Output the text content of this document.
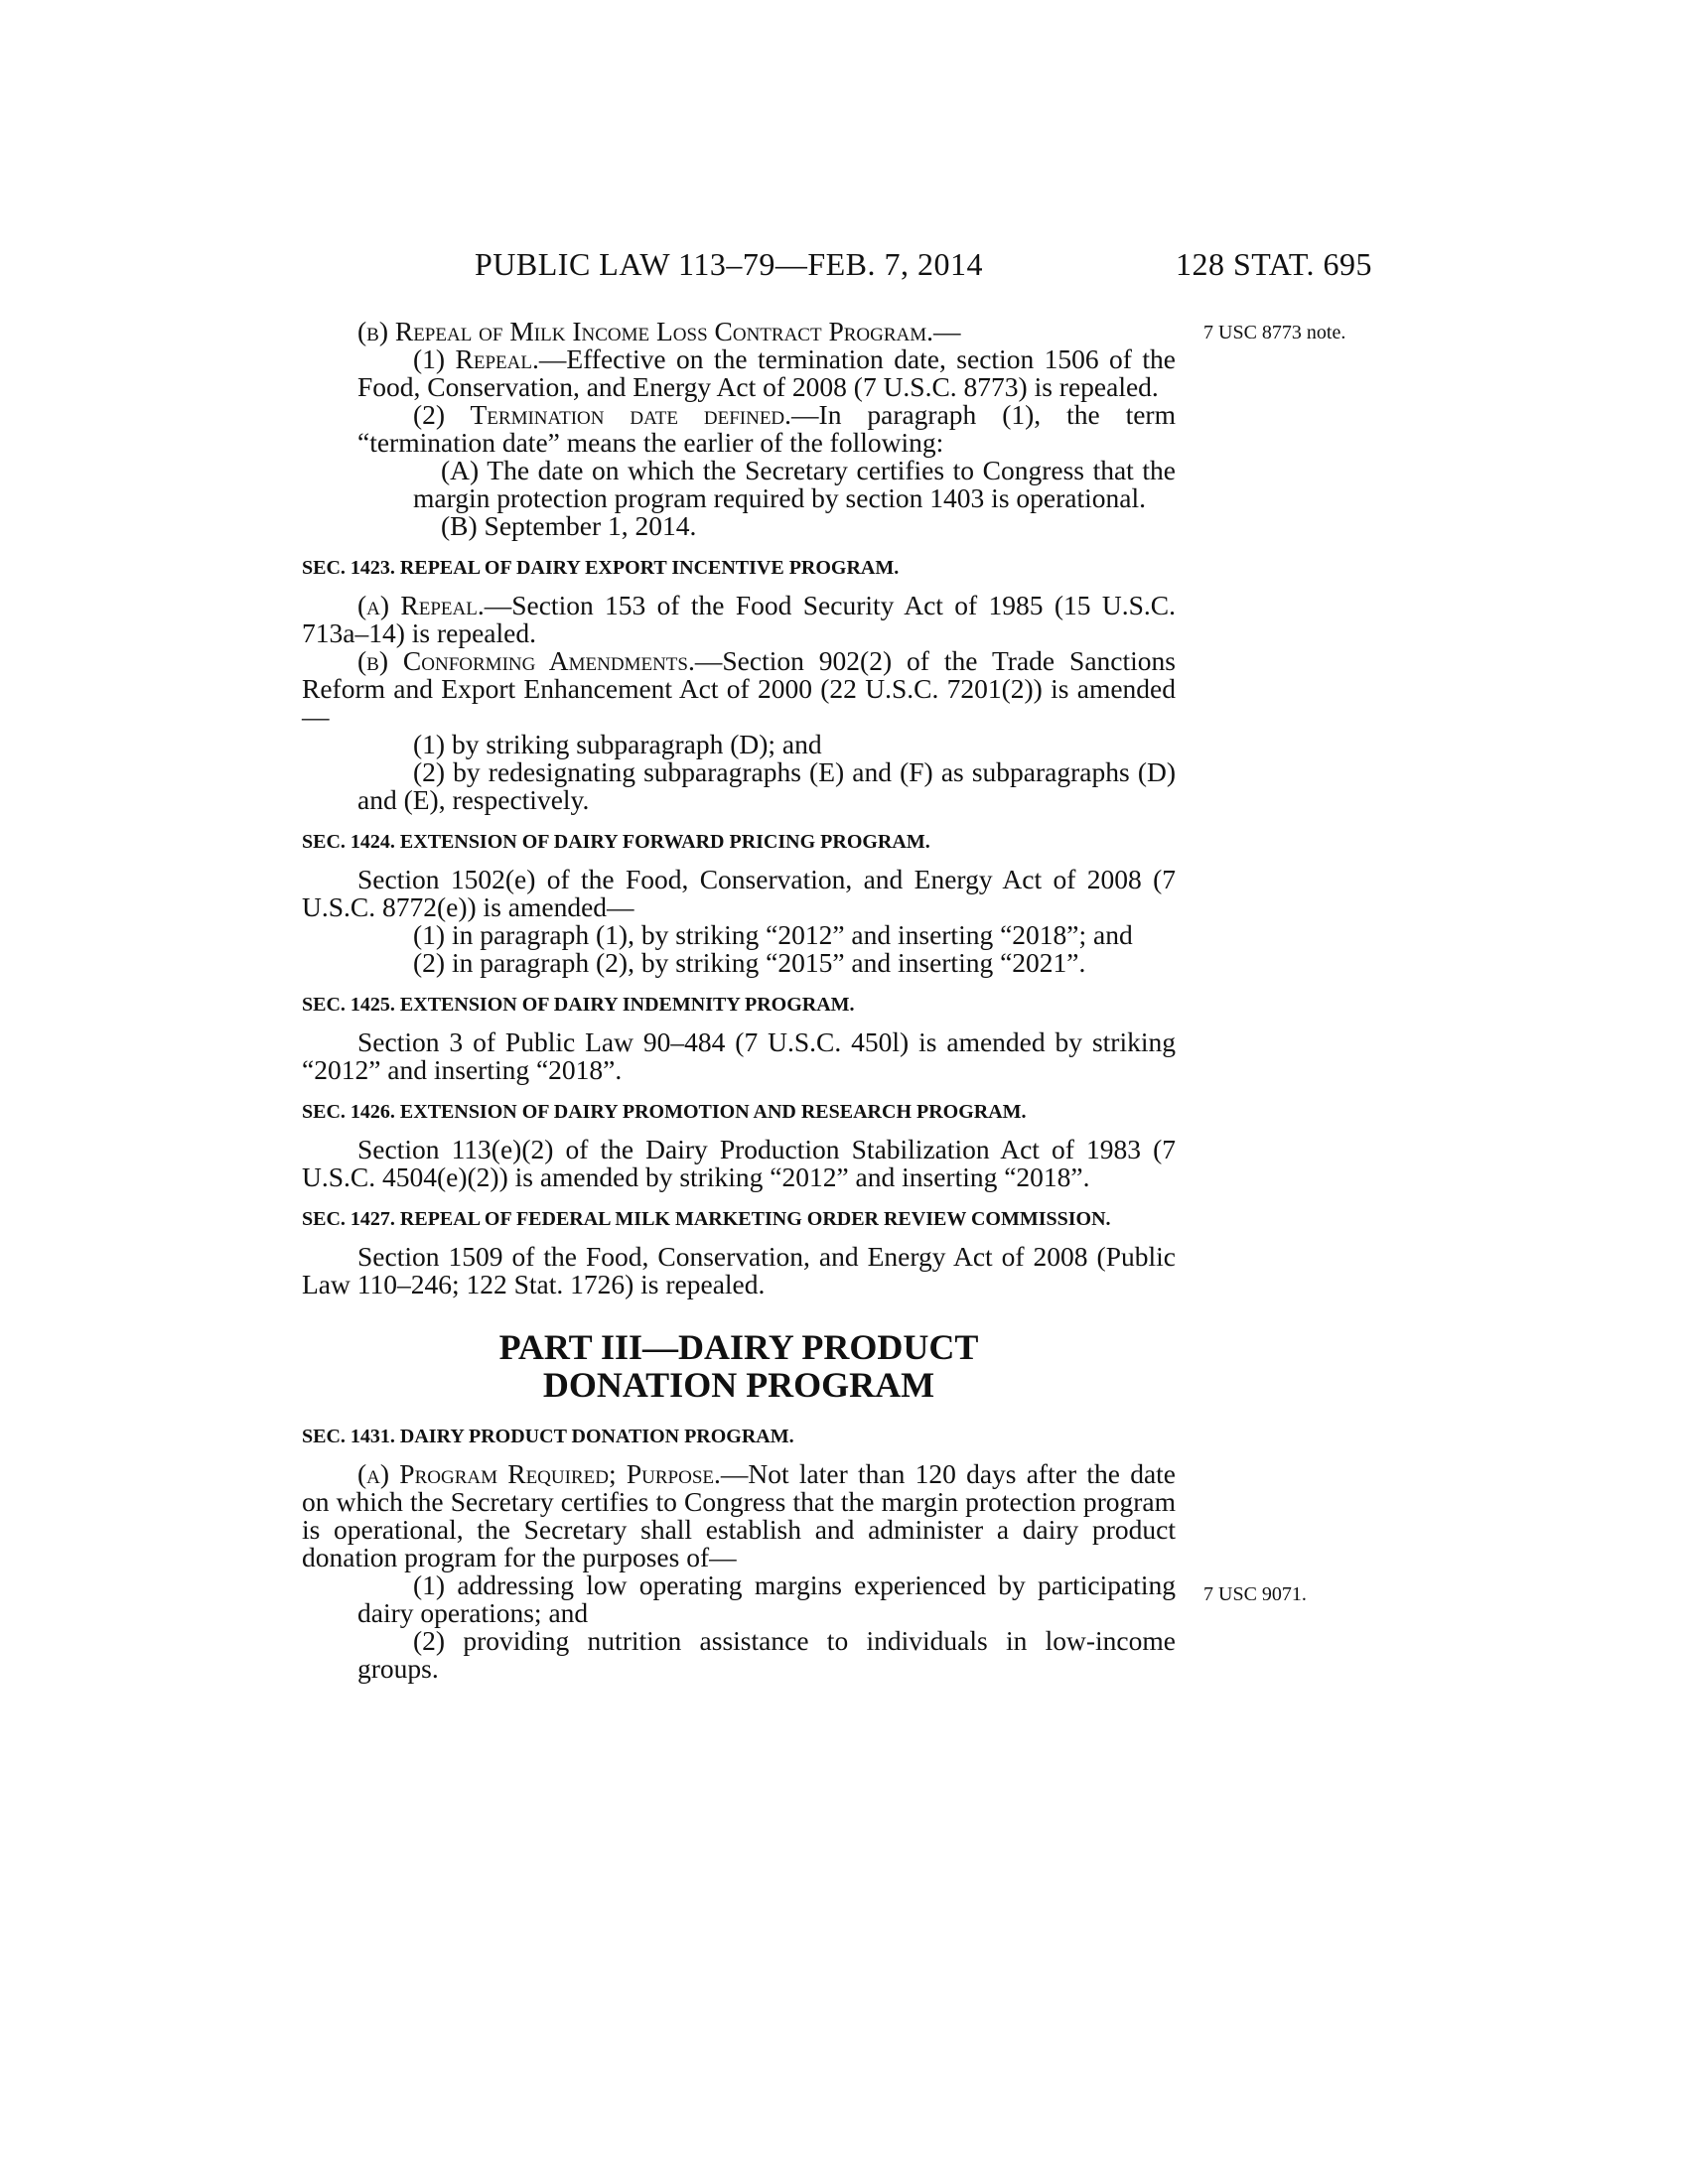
PUBLIC LAW 113–79—FEB. 7, 2014	128 STAT. 695
7 USC 8773 note.
7 USC 9071.

(b) Repeal of Milk Income Loss Contract Program.—

(1) Repeal.—Effective on the termination date, section 1506 of the Food, Conservation, and Energy Act of 2008 (7 U.S.C. 8773) is repealed.

(2) Termination date defined.—In paragraph (1), the term “termination date” means the earlier of the following:

(A) The date on which the Secretary certifies to Congress that the margin protection program required by section 1403 is operational.

(B) September 1, 2014.

SEC. 1423. REPEAL OF DAIRY EXPORT INCENTIVE PROGRAM.

(a) Repeal.—Section 153 of the Food Security Act of 1985 (15 U.S.C. 713a–14) is repealed.

(b) Conforming Amendments.—Section 902(2) of the Trade Sanctions Reform and Export Enhancement Act of 2000 (22 U.S.C. 7201(2)) is amended—

(1) by striking subparagraph (D); and

(2) by redesignating subparagraphs (E) and (F) as subparagraphs (D) and (E), respectively.

SEC. 1424. EXTENSION OF DAIRY FORWARD PRICING PROGRAM.

Section 1502(e) of the Food, Conservation, and Energy Act of 2008 (7 U.S.C. 8772(e)) is amended—

(1) in paragraph (1), by striking “2012” and inserting “2018”; and

(2) in paragraph (2), by striking “2015” and inserting “2021”.

SEC. 1425. EXTENSION OF DAIRY INDEMNITY PROGRAM.

Section 3 of Public Law 90–484 (7 U.S.C. 450l) is amended by striking “2012” and inserting “2018”.

SEC. 1426. EXTENSION OF DAIRY PROMOTION AND RESEARCH PROGRAM.

Section 113(e)(2) of the Dairy Production Stabilization Act of 1983 (7 U.S.C. 4504(e)(2)) is amended by striking “2012” and inserting “2018”.

SEC. 1427. REPEAL OF FEDERAL MILK MARKETING ORDER REVIEW COMMISSION.

Section 1509 of the Food, Conservation, and Energy Act of 2008 (Public Law 110–246; 122 Stat. 1726) is repealed.

PART III—DAIRY PRODUCT DONATION PROGRAM
SEC. 1431. DAIRY PRODUCT DONATION PROGRAM.

(a) Program Required; Purpose.—Not later than 120 days after the date on which the Secretary certifies to Congress that the margin protection program is operational, the Secretary shall establish and administer a dairy product donation program for the purposes of—

(1) addressing low operating margins experienced by participating dairy operations; and

(2) providing nutrition assistance to individuals in low-income groups.
